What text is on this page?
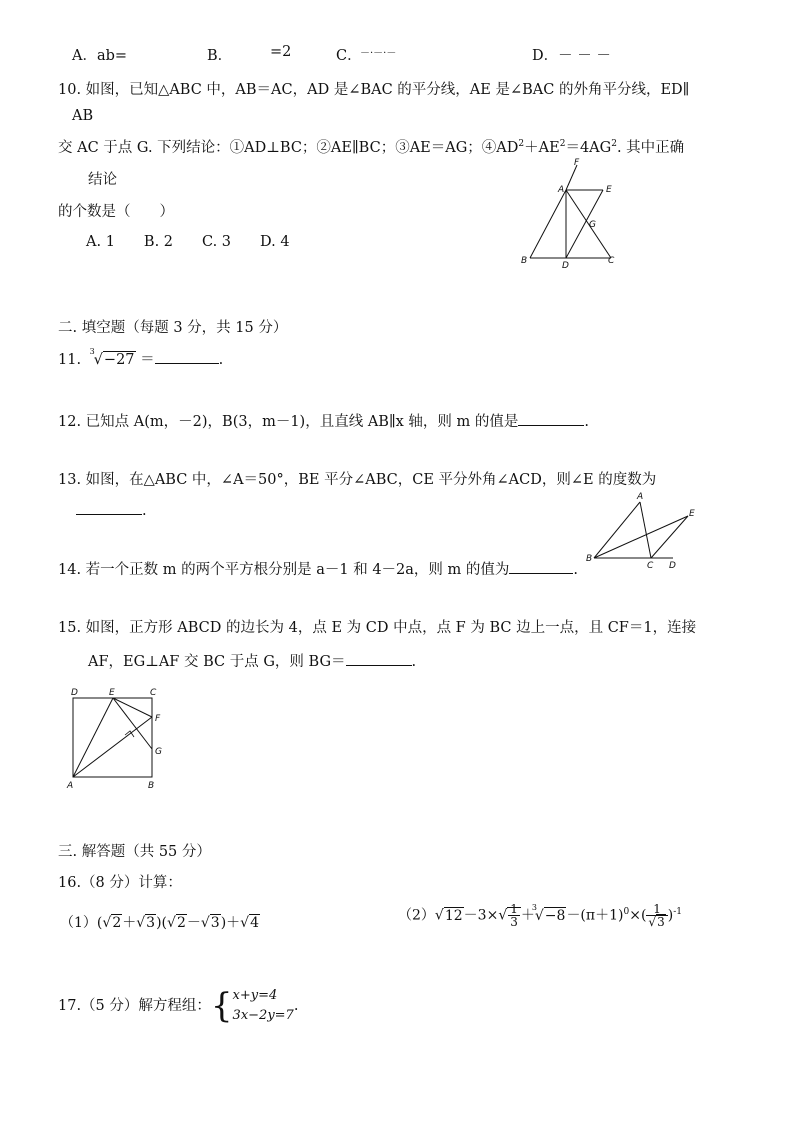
A．ab=	B．	=2	C．
－·－·－	D．－ － －
10. 如图，已知△ABC 中，AB＝AC，AD 是∠BAC 的平分线，AE 是∠BAC 的外角平分线，ED∥
AB
交 AC 于点 G. 下列结论：①AD⊥BC；②AE∥BC；③AE＝AG；$④AD^2+AE^2=4AG^2$. 其中正确
结论
的个数是（　　）
A. 1　　B. 2　　C. 3　　D. 4
F
A	E
G
B	D	C
二. 填空题（每题 3 分，共 15 分）
11.
3
√−27 ＝	.
12. 已知点 A(m，－2)，B(3，m－1)，且直线 AB∥x 轴，则 m 的值是	.
13. 如图，在△ABC 中，∠A＝50°，BE 平分∠ABC，CE 平分外角∠ACD，则∠E 的度数为
.
A
E
B
C D
14. 若一个正数 m 的两个平方根分别是 a－1 和 4－2a，则 m 的值为	.
15. 如图，正方形 ABCD 的边长为 4，点 E 为 CD 中点，点 F 为 BC 边上一点，且 CF＝1，连接
AF，EG⊥AF 交 BC 于点 G，则 BG＝	.
D	E	C
F
G
A	B
三. 解答题（共 55 分）
16.（8 分）计算：
（1）(√2＋√3)(√2－√3)＋√4	$(2)√12-3\times√ \frac{1}{3}$ ＋
3
$√-8-(\pi+1)^0\times( \frac{1}{√3} )^{-1}$
17.（5 分）解方程组：{ x+y=4
3x−2y=7
.
